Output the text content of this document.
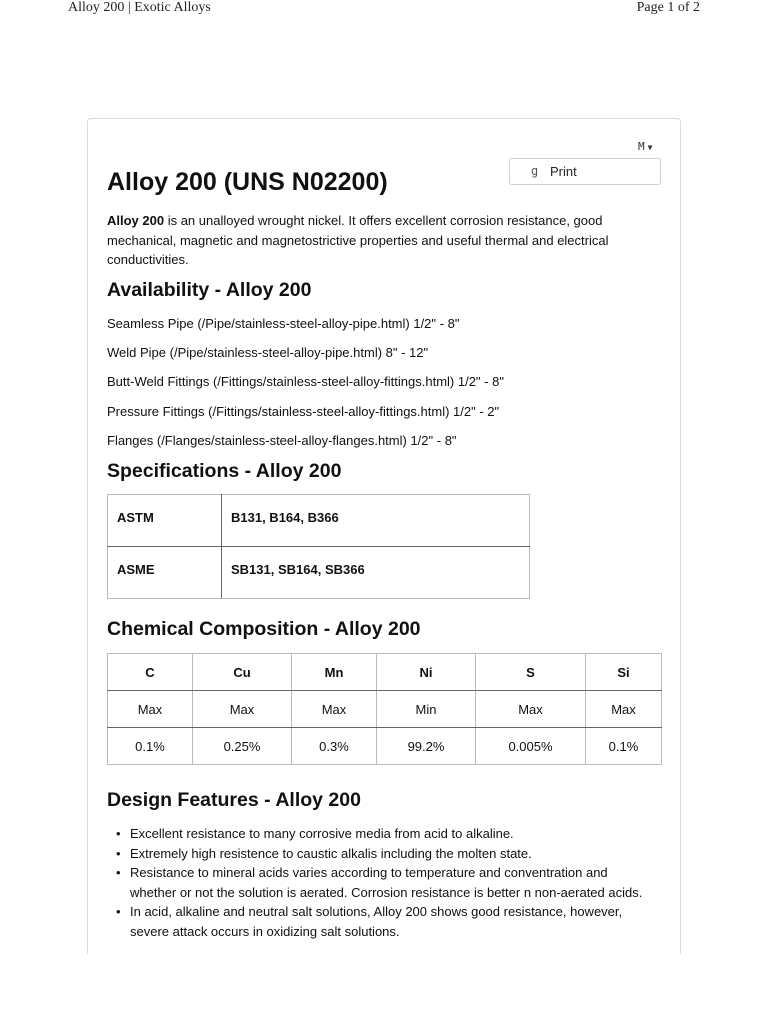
Alloy 200 | Exotic Alloys	Page 1 of 2
M ▼
g Print
Alloy 200 (UNS N02200)

Alloy 200 is an unalloyed wrought nickel. It offers excellent corrosion resistance, good mechanical, magnetic and magnetostrictive properties and useful thermal and electrical conductivities.

Availability - Alloy 200

Seamless Pipe (/Pipe/stainless-steel-alloy-pipe.html) 1/2" - 8"

Weld Pipe (/Pipe/stainless-steel-alloy-pipe.html) 8" - 12"

Butt-Weld Fittings (/Fittings/stainless-steel-alloy-fittings.html) 1/2" - 8"

Pressure Fittings (/Fittings/stainless-steel-alloy-fittings.html) 1/2" - 2"

Flanges (/Flanges/stainless-steel-alloy-flanges.html) 1/2" - 8"

Specifications - Alloy 200
ASTM	B131, B164, B366
ASME	SB131, SB164, SB366
Chemical Composition - Alloy 200
C	Cu	Mn	Ni	S	Si
Max	Max	Max	Min	Max	Max
0.1%	0.25%	0.3%	99.2%	0.005%	0.1%
Design Features - Alloy 200
• Excellent resistance to many corrosive media from acid to alkaline.
• Extremely high resistence to caustic alkalis including the molten state.
• Resistance to mineral acids varies according to temperature and conventration and whether or not the solution is aerated. Corrosion resistance is better n non-aerated acids.
• In acid, alkaline and neutral salt solutions, Alloy 200 shows good resistance, however, severe attack occurs in oxidizing salt solutions.
